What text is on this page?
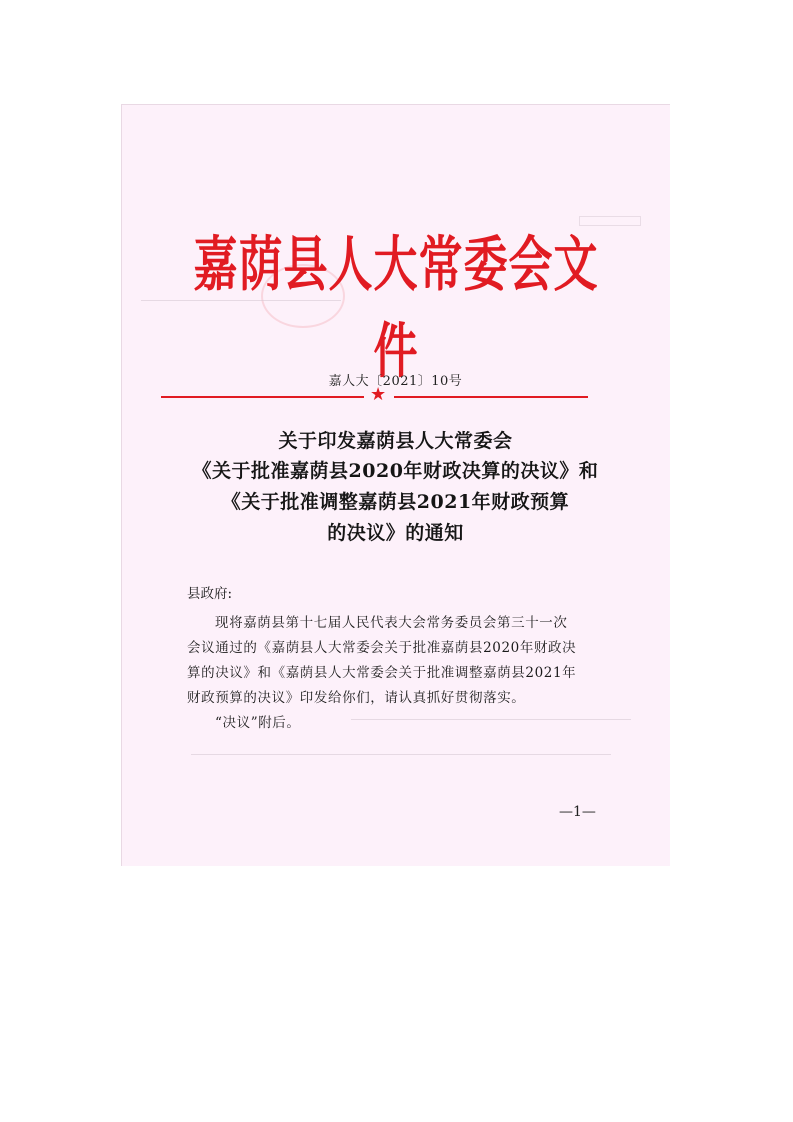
嘉荫县人大常委会文件
嘉人大〔2021〕10号
★
关于印发嘉荫县人大常委会
《关于批准嘉荫县2020年财政决算的决议》和
《关于批准调整嘉荫县2021年财政预算
的决议》的通知
县政府:
现将嘉荫县第十七届人民代表大会常务委员会第三十一次
会议通过的《嘉荫县人大常委会关于批准嘉荫县2020年财政决
算的决议》和《嘉荫县人大常委会关于批准调整嘉荫县2021年
财政预算的决议》印发给你们，请认真抓好贯彻落实。
“决议”附后。
—1—
